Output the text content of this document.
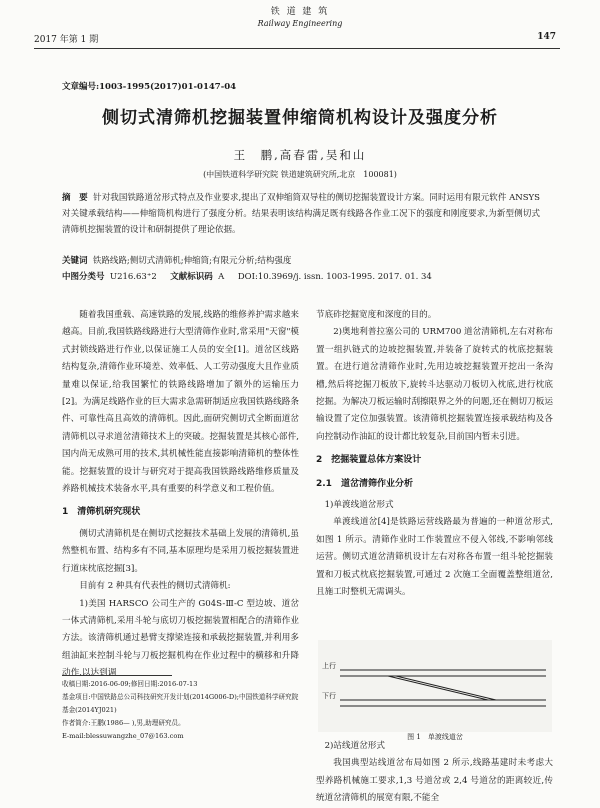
铁 道 建 筑
Railway Engineering
2017 年第 1 期	147
文章编号:1003-1995(2017)01-0147-04
侧切式清筛机挖掘装置伸缩筒机构设计及强度分析
王　鹏,高春雷,吴和山
(中国铁道科学研究院 铁道建筑研究所,北京　100081)
摘　要 针对我国铁路道岔形式特点及作业要求,提出了双伸缩筒双导柱的侧切挖掘装置设计方案。同时运用有限元软件 ANSYS 对关键承载结构——伸缩筒机构进行了强度分析。结果表明该结构满足既有线路各作业工况下的强度和刚度要求,为新型侧切式清筛机挖掘装置的设计和研制提供了理论依据。
关键词 铁路线路;侧切式清筛机;伸缩筒;有限元分析;结构强度
中图分类号 U216.63⁺2 文献标识码 A DOI:10.3969/j. issn. 1003-1995. 2017. 01. 34

随着我国重载、高速铁路的发展,线路的维修养护需求越来越高。目前,我国铁路线路进行大型清筛作业时,常采用"天窗"模式封锁线路进行作业,以保证施工人员的安全[1]。道岔区线路结构复杂,清筛作业环境差、效率低、人工劳动强度大且作业质量难以保证,给我国繁忙的铁路线路增加了额外的运输压力[2]。为满足线路作业的巨大需求急需研制适应我国铁路线路条件、可靠性高且高效的清筛机。因此,面研究侧切式全断面道岔清筛机以寻求道岔清筛技术上的突破。挖掘装置是其核心部件,国内尚无成熟可用的技术,其机械性能直接影响清筛机的整体性能。挖掘装置的设计与研究对于提高我国铁路线路维修质量及养路机械技术装备水平,具有重要的科学意义和工程价值。

1　清筛机研究现状

侧切式清筛机是在侧切式挖掘技术基础上发展的清筛机,虽然整机布置、结构多有不同,基本原理均是采用刀板挖掘装置进行道床枕底挖掘[3]。

目前有 2 种具有代表性的侧切式清筛机:

1)美国 HARSCO 公司生产的 G04S-Ⅲ-C 型边坡、道岔一体式清筛机,采用斗轮与底切刀板挖掘装置相配合的清筛作业方法。该清筛机通过悬臂支撑梁连接和承载挖掘装置,并利用多组油缸来控制斗轮与刀板挖掘机构在作业过程中的横移和升降动作,以达到调

节底砟挖掘宽度和深度的目的。

2)奥地利普拉塞公司的 URM700 道岔清筛机,左右对称布置一组扒链式的边坡挖掘装置,并装备了旋转式的枕底挖掘装置。在进行道岔清筛作业时,先用边坡挖掘装置开挖出一条沟槽,然后将挖掘刀板放下,旋转斗达驱动刀板切入枕底,进行枕底挖掘。为解决刀板运输时刮擦限界之外的问题,还在侧切刀板运输设置了定位加强装置。该清筛机挖掘装置连接承载结构及各向控制动作油缸的设计都比较复杂,目前国内暂未引进。

2　挖掘装置总体方案设计

2.1　道岔清筛作业分析

1)单渡线道岔形式

单渡线道岔[4]是铁路运营线路最为普遍的一种道岔形式,如图 1 所示。清筛作业时工作装置应不侵入邻线,不影响邻线运营。侧切式道岔清筛机设计左右对称各布置一组斗轮挖掘装置和刀板式枕底挖掘装置,可通过 2 次施工全面覆盖整组道岔,且施工时整机无需调头。

上行
下行
图 1　单渡线道岔

2)站线道岔形式

我国典型站线道岔布局如图 2 所示,线路基建时未考虑大型养路机械施工要求,1,3 号道岔或 2,4 号道岔的距离较近,传统道岔清筛机的展宽有限,不能全

收稿日期:2016-06-09;修回日期:2016-07-13
基金项目:中国铁路总公司科技研究开发计划(2014G006-D);中国铁道科学研究院基金(2014YJ021)
作者简介:王鹏(1986— ),男,助理研究员。
E-mail:blessuwangzhe_07@163.com
